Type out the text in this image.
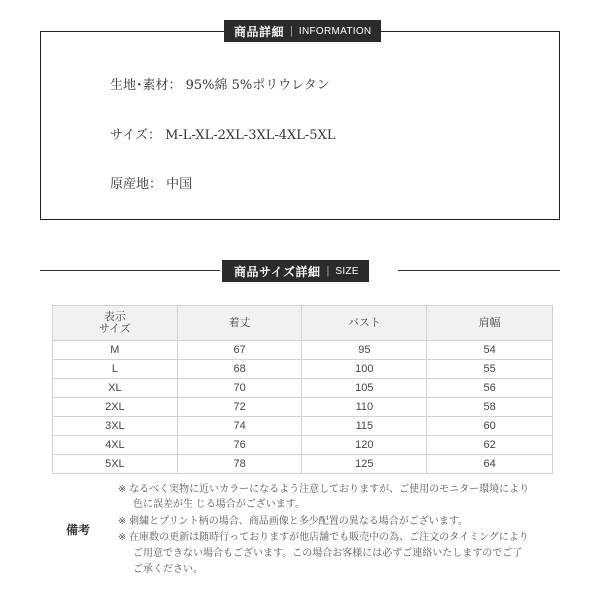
商品詳細 | INFORMATION
生地･素材： 95%綿 5%ポリウレタン
サイズ： M-L-XL-2XL-3XL-4XL-5XL
原産地： 中国
商品サイズ詳細 | SIZE
表示
サイズ	着丈	バスト	肩幅
M	67	95	54
L	68	100	55
XL	70	105	56
2XL	72	110	58
3XL	74	115	60
4XL	76	120	62
5XL	78	125	64
備考
※ なるべく実物に近いカラーになるよう注意しておりますが、ご使用のモニター環境により
色に誤差が生 じる場合がございます。
※ 刺繍とプリント柄の場合、商品画像と多少配置の異なる場合がございます。
※ 在庫数の更新は随時行っておりますが他店舗でも販売中の為、ご注文のタイミングにより
ご用意できない場合もございます。この場合お客様には必ずご連絡いたしますのでご了
ご承ください。
